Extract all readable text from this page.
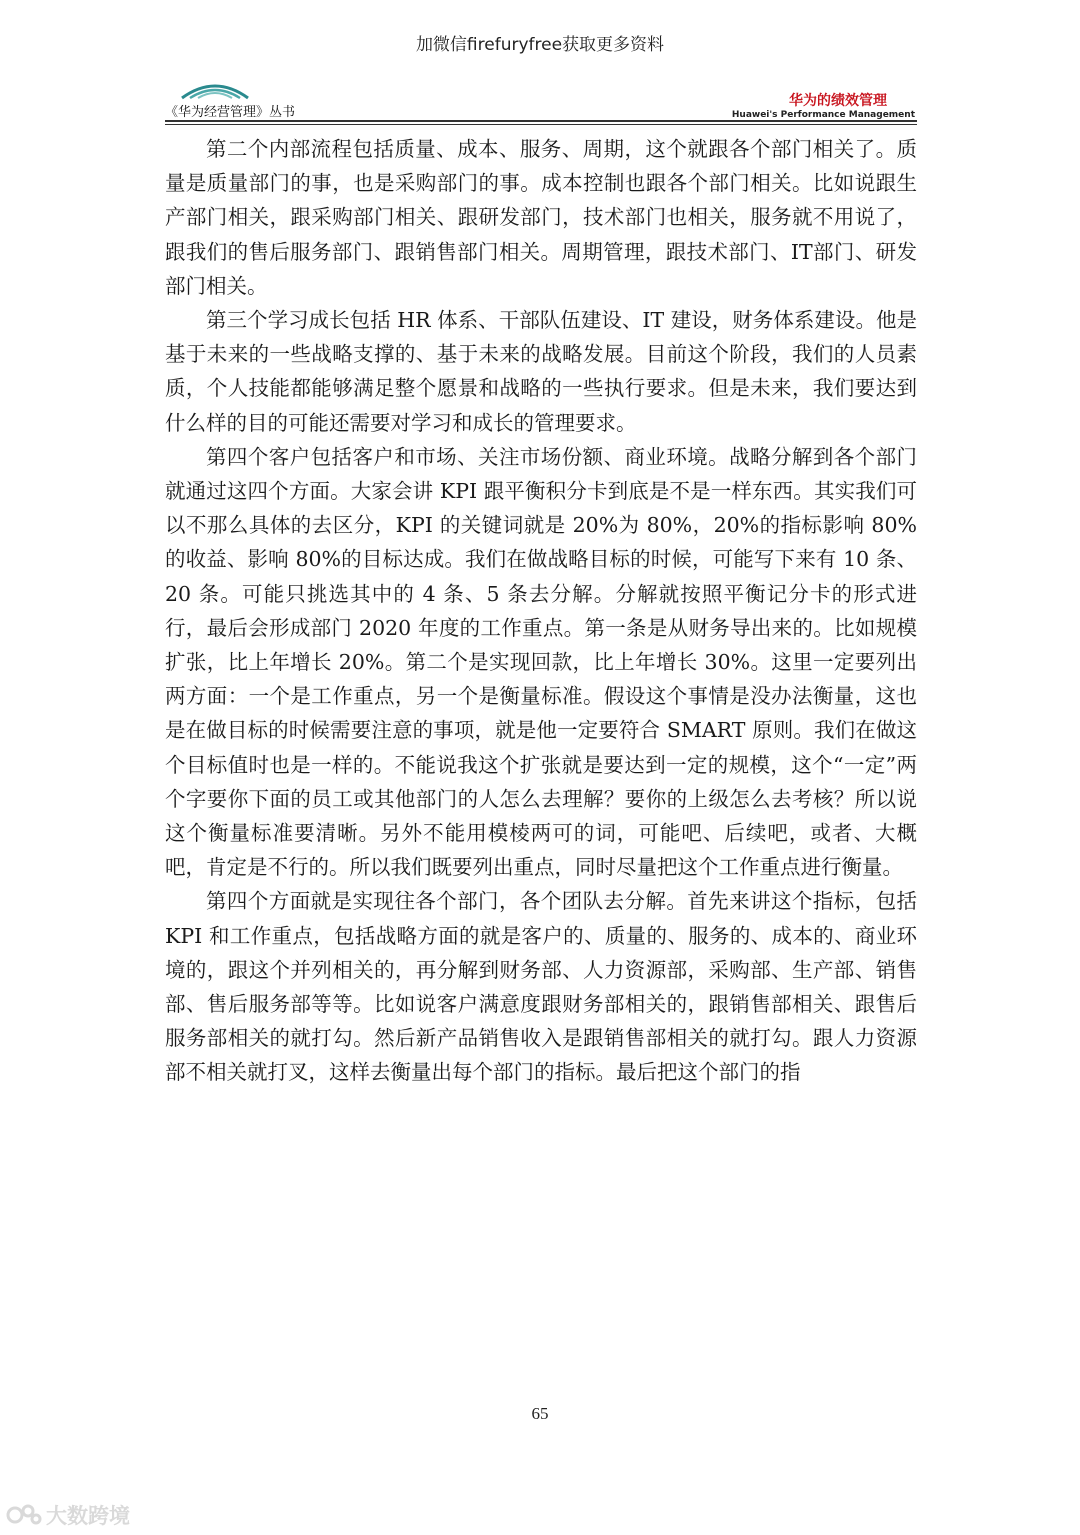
加微信firefuryfree获取更多资料
《华为经营管理》丛书
华为的绩效管理
Huawei's Performance Management

第二个内部流程包括质量、成本、服务、周期，这个就跟各个部门相关了。质量是质量部门的事，也是采购部门的事。成本控制也跟各个部门相关。比如说跟生产部门相关，跟采购部门相关、跟研发部门，技术部门也相关，服务就不用说了，跟我们的售后服务部门、跟销售部门相关。周期管理，跟技术部门、IT部门、研发部门相关。

第三个学习成长包括 HR 体系、干部队伍建设、IT 建设，财务体系建设。他是基于未来的一些战略支撑的、基于未来的战略发展。目前这个阶段，我们的人员素质，个人技能都能够满足整个愿景和战略的一些执行要求。但是未来，我们要达到什么样的目的可能还需要对学习和成长的管理要求。

第四个客户包括客户和市场、关注市场份额、商业环境。战略分解到各个部门就通过这四个方面。大家会讲 KPI 跟平衡积分卡到底是不是一样东西。其实我们可以不那么具体的去区分，KPI 的关键词就是 20%为 80%，20%的指标影响 80%的收益、影响 80%的目标达成。我们在做战略目标的时候，可能写下来有 10 条、20 条。可能只挑选其中的 4 条、5 条去分解。分解就按照平衡记分卡的形式进行，最后会形成部门 2020 年度的工作重点。第一条是从财务导出来的。比如规模扩张，比上年增长 20%。第二个是实现回款，比上年增长 30%。这里一定要列出两方面：一个是工作重点，另一个是衡量标准。假设这个事情是没办法衡量，这也是在做目标的时候需要注意的事项，就是他一定要符合 SMART 原则。我们在做这个目标值时也是一样的。不能说我这个扩张就是要达到一定的规模，这个“一定”两个字要你下面的员工或其他部门的人怎么去理解？要你的上级怎么去考核？所以说这个衡量标准要清晰。另外不能用模棱两可的词，可能吧、后续吧，或者、大概吧，肯定是不行的。所以我们既要列出重点，同时尽量把这个工作重点进行衡量。

第四个方面就是实现往各个部门，各个团队去分解。首先来讲这个指标，包括 KPI 和工作重点，包括战略方面的就是客户的、质量的、服务的、成本的、商业环境的，跟这个并列相关的，再分解到财务部、人力资源部，采购部、生产部、销售部、售后服务部等等。比如说客户满意度跟财务部相关的，跟销售部相关、跟售后服务部相关的就打勾。然后新产品销售收入是跟销售部相关的就打勾。跟人力资源部不相关就打叉，这样去衡量出每个部门的指标。最后把这个部门的指

65
大数跨境
